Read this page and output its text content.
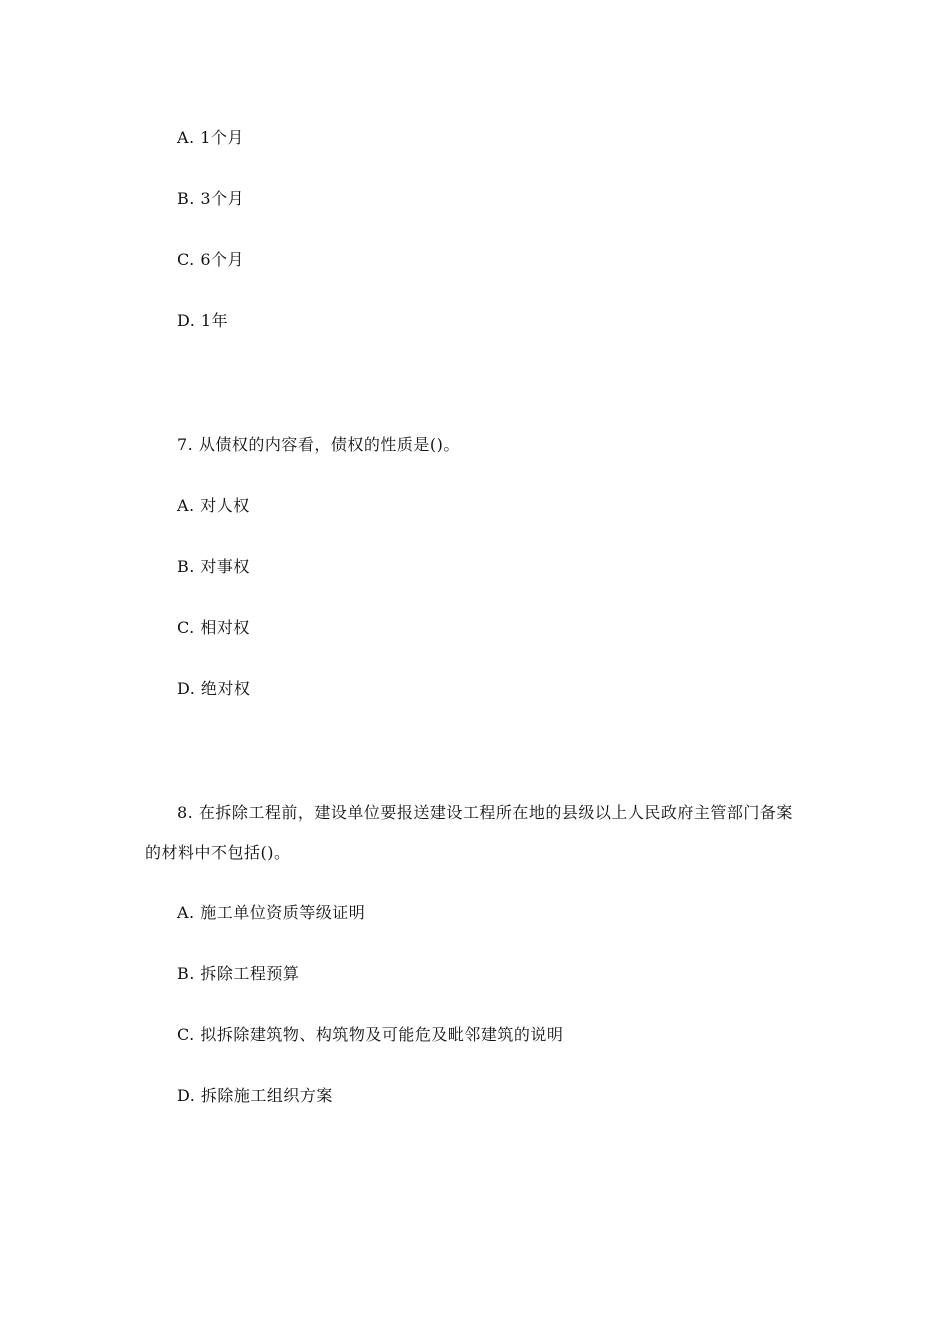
A. 1个月
B. 3个月
C. 6个月
D. 1年
7. 从债权的内容看，债权的性质是()。
A. 对人权
B. 对事权
C. 相对权
D. 绝对权
8. 在拆除工程前，建设单位要报送建设工程所在地的县级以上人民政府主管部门备案
的材料中不包括()。
A. 施工单位资质等级证明
B. 拆除工程预算
C. 拟拆除建筑物、构筑物及可能危及毗邻建筑的说明
D. 拆除施工组织方案
